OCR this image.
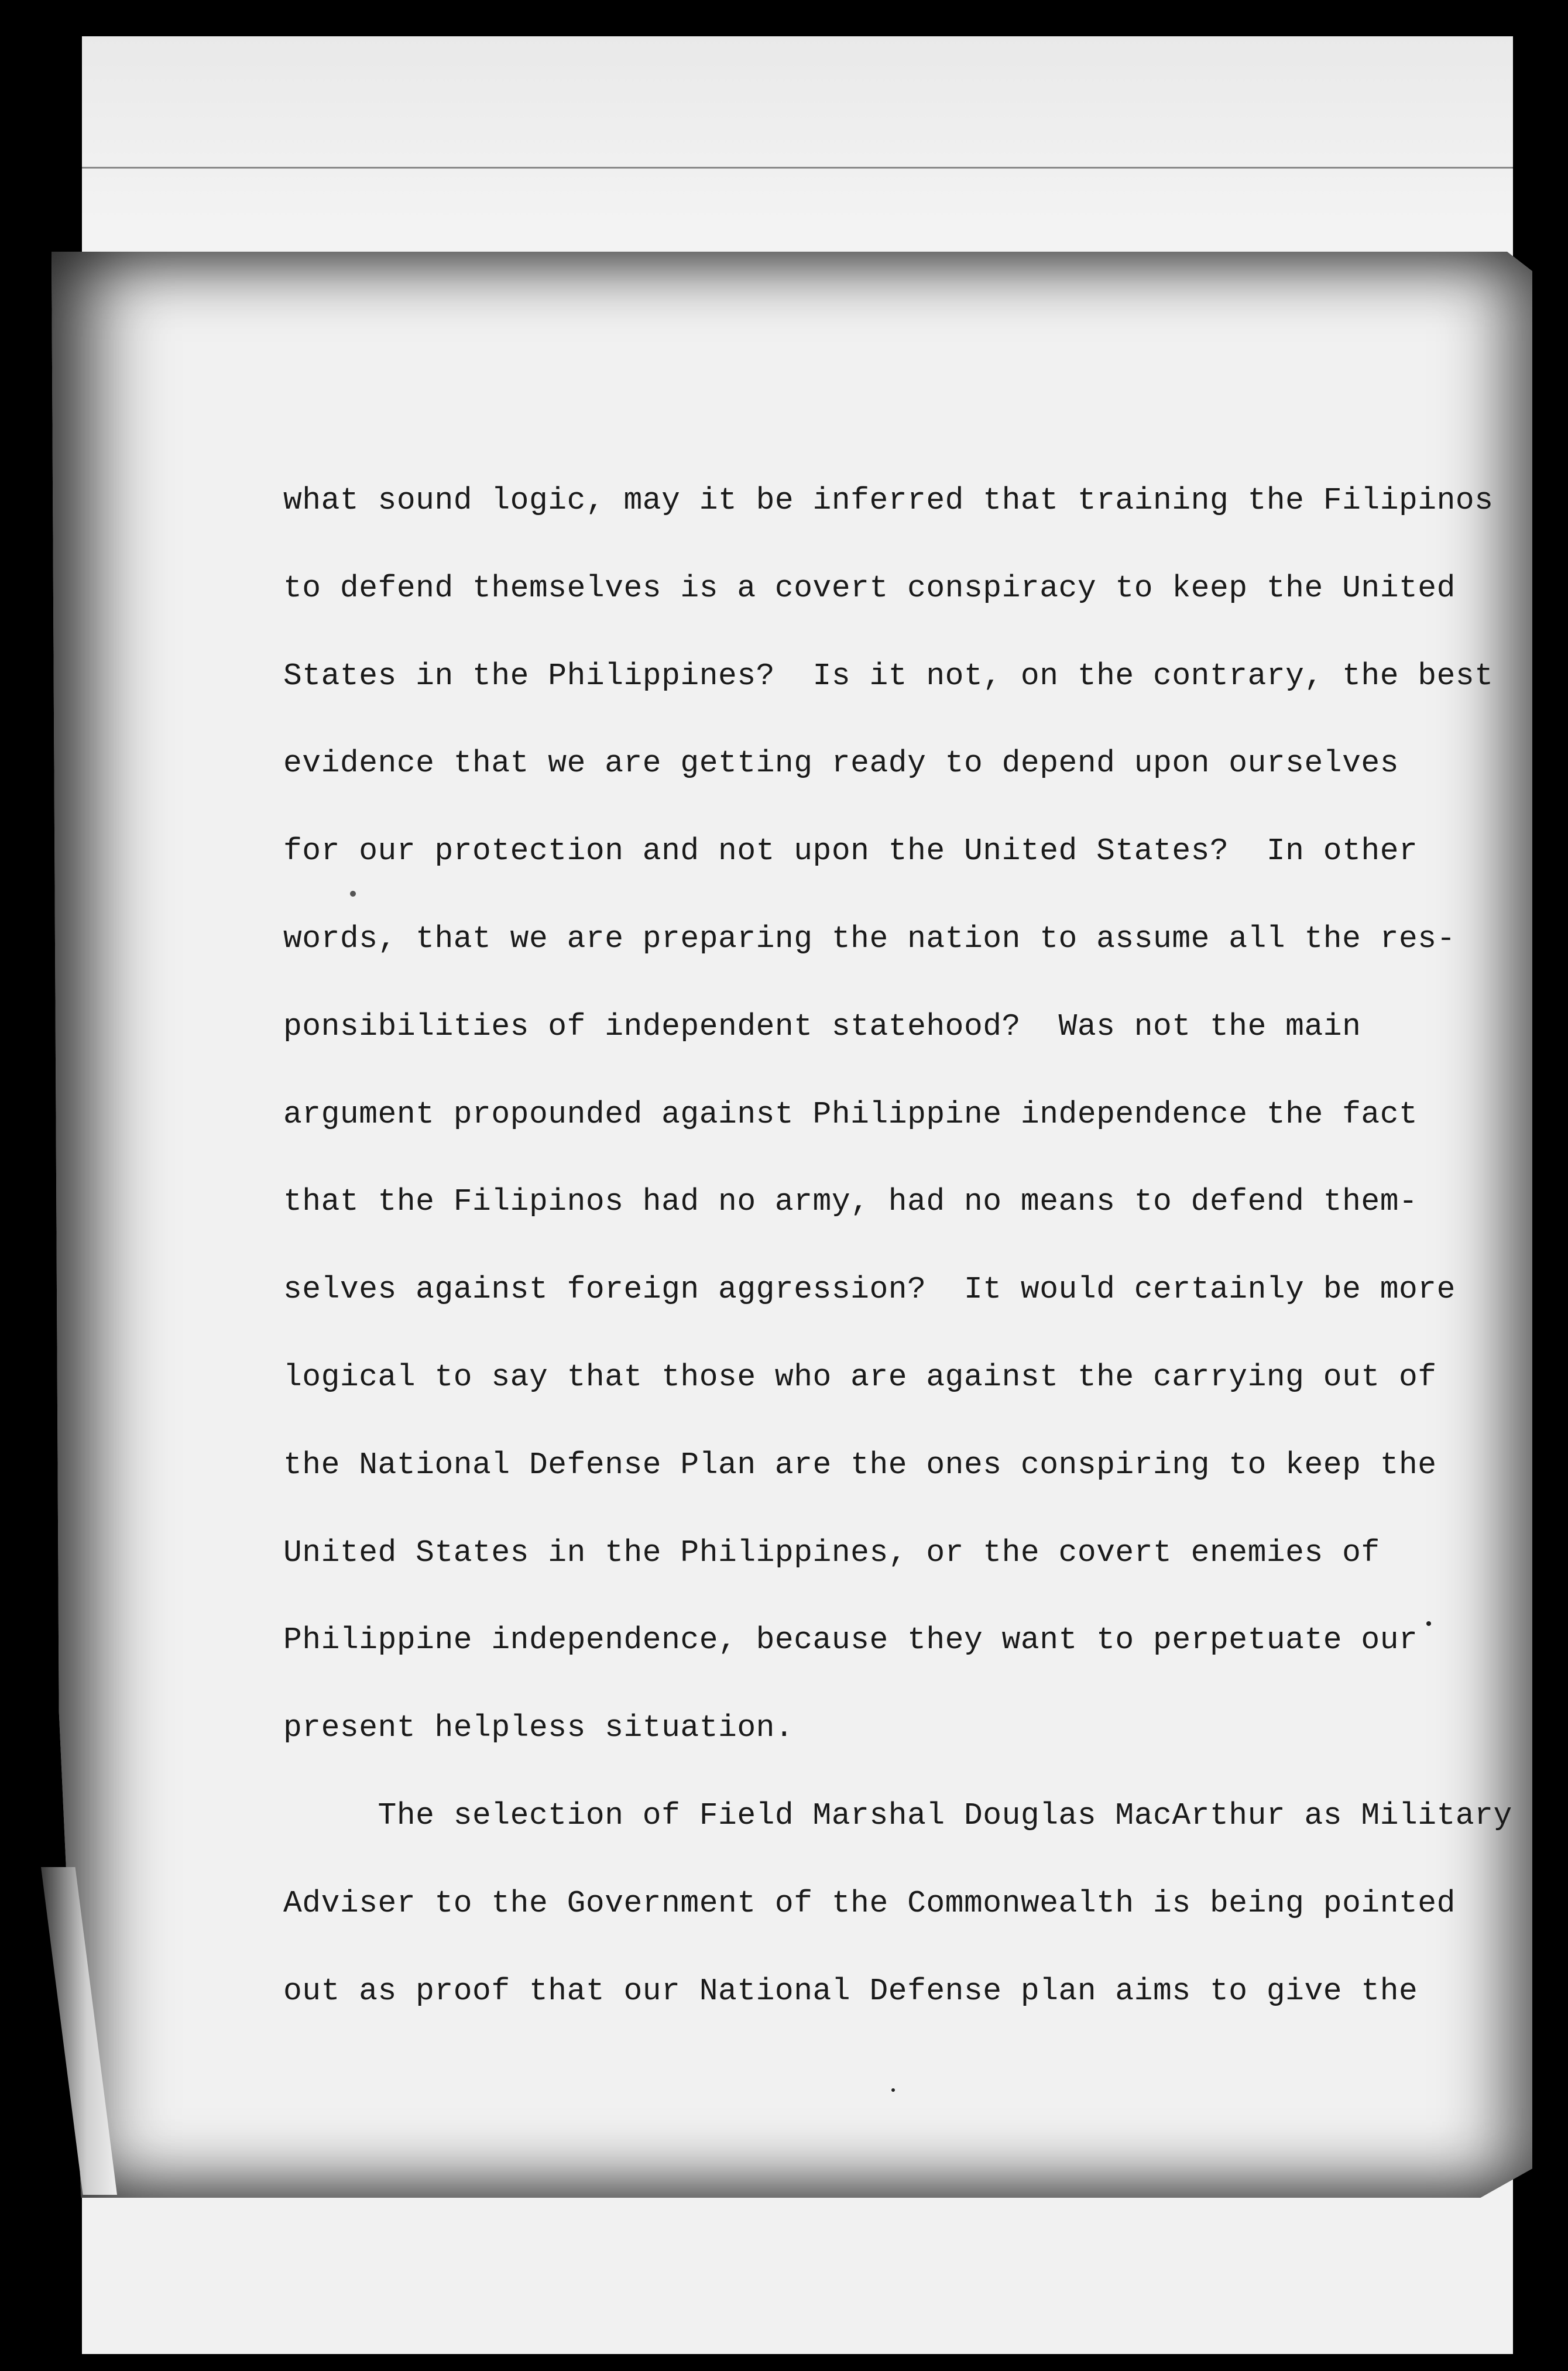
what sound logic, may it be inferred that training the Filipinos
to defend themselves is a covert conspiracy to keep the United
States in the Philippines?  Is it not, on the contrary, the best
evidence that we are getting ready to depend upon ourselves
for our protection and not upon the United States?  In other
words, that we are preparing the nation to assume all the res-
ponsibilities of independent statehood?  Was not the main
argument propounded against Philippine independence the fact
that the Filipinos had no army, had no means to defend them-
selves against foreign aggression?  It would certainly be more
logical to say that those who are against the carrying out of
the National Defense Plan are the ones conspiring to keep the
United States in the Philippines, or the covert enemies of
Philippine independence, because they want to perpetuate our
present helpless situation.
The selection of Field Marshal Douglas MacArthur as Military
Adviser to the Government of the Commonwealth is being pointed
out as proof that our National Defense plan aims to give the
